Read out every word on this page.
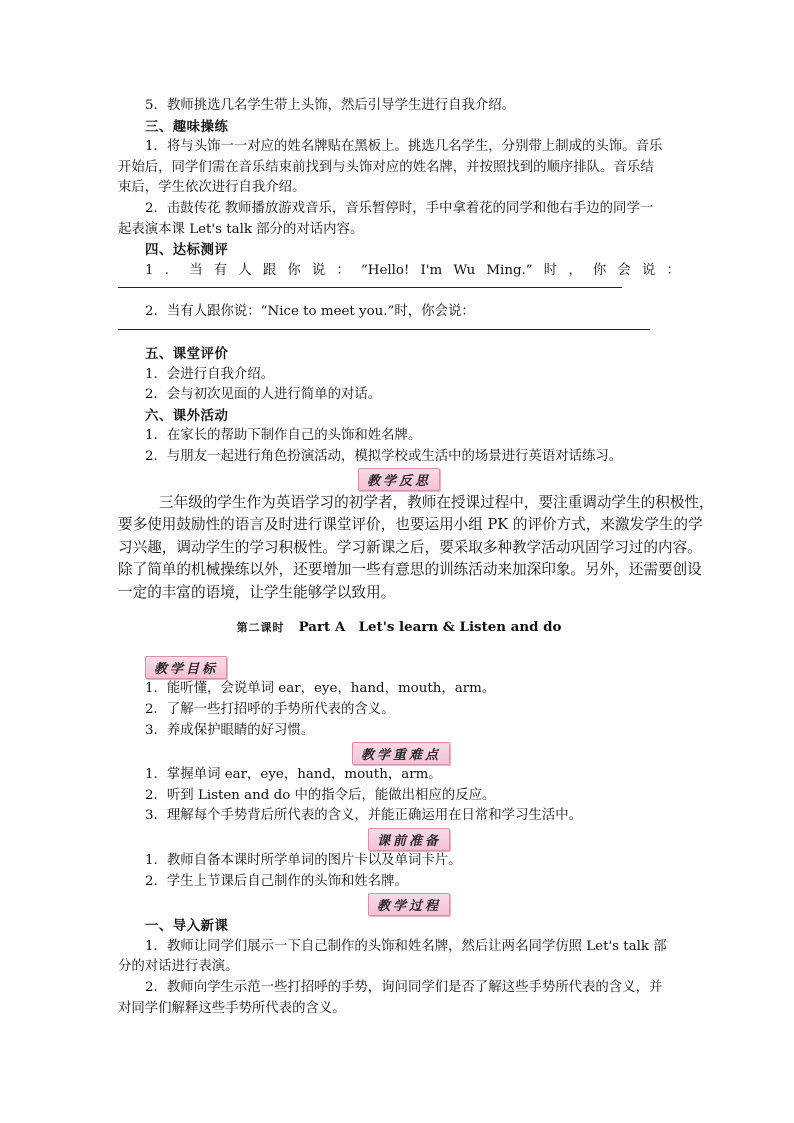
5．教师挑选几名学生带上头饰，然后引导学生进行自我介绍。
三、趣味操练
1．将与头饰一一对应的姓名牌贴在黑板上。挑选几名学生，分别带上制成的头饰。音乐
开始后，同学们需在音乐结束前找到与头饰对应的姓名牌，并按照找到的顺序排队。音乐结
束后，学生依次进行自我介绍。
2．击鼓传花 教师播放游戏音乐，音乐暂停时，手中拿着花的同学和他右手边的同学一
起表演本课 Let's talk 部分的对话内容。
四、达标测评
1 ． 当 有 人 跟 你 说 ： “Hello! I'm Wu Ming.” 时 ， 你 会 说 ：
2．当有人跟你说：“Nice to meet you.”时，你会说：
五、课堂评价
1．会进行自我介绍。
2．会与初次见面的人进行简单的对话。
六、课外活动
1．在家长的帮助下制作自己的头饰和姓名牌。
2．与朋友一起进行角色扮演活动，模拟学校或生活中的场景进行英语对话练习。
教学反思
三年级的学生作为英语学习的初学者，教师在授课过程中，要注重调动学生的积极性，
要多使用鼓励性的语言及时进行课堂评价，也要运用小组 PK 的评价方式，来激发学生的学
习兴趣，调动学生的学习积极性。学习新课之后，要采取多种教学活动巩固学习过的内容。
除了简单的机械操练以外，还要增加一些有意思的训练活动来加深印象。另外，还需要创设
一定的丰富的语境，让学生能够学以致用。
第二课时 Part A　Let's learn & Listen and do
教学目标
1．能听懂，会说单词 ear，eye，hand，mouth，arm。
2．了解一些打招呼的手势所代表的含义。
3．养成保护眼睛的好习惯。
教学重难点
1．掌握单词 ear，eye，hand，mouth，arm。
2．听到 Listen and do 中的指令后，能做出相应的反应。
3．理解每个手势背后所代表的含义，并能正确运用在日常和学习生活中。
课前准备
1．教师自备本课时所学单词的图片卡以及单词卡片。
2．学生上节课后自己制作的头饰和姓名牌。
教学过程
一、导入新课
1．教师让同学们展示一下自己制作的头饰和姓名牌，然后让两名同学仿照 Let's talk 部
分的对话进行表演。
2．教师向学生示范一些打招呼的手势，询问同学们是否了解这些手势所代表的含义，并
对同学们解释这些手势所代表的含义。
